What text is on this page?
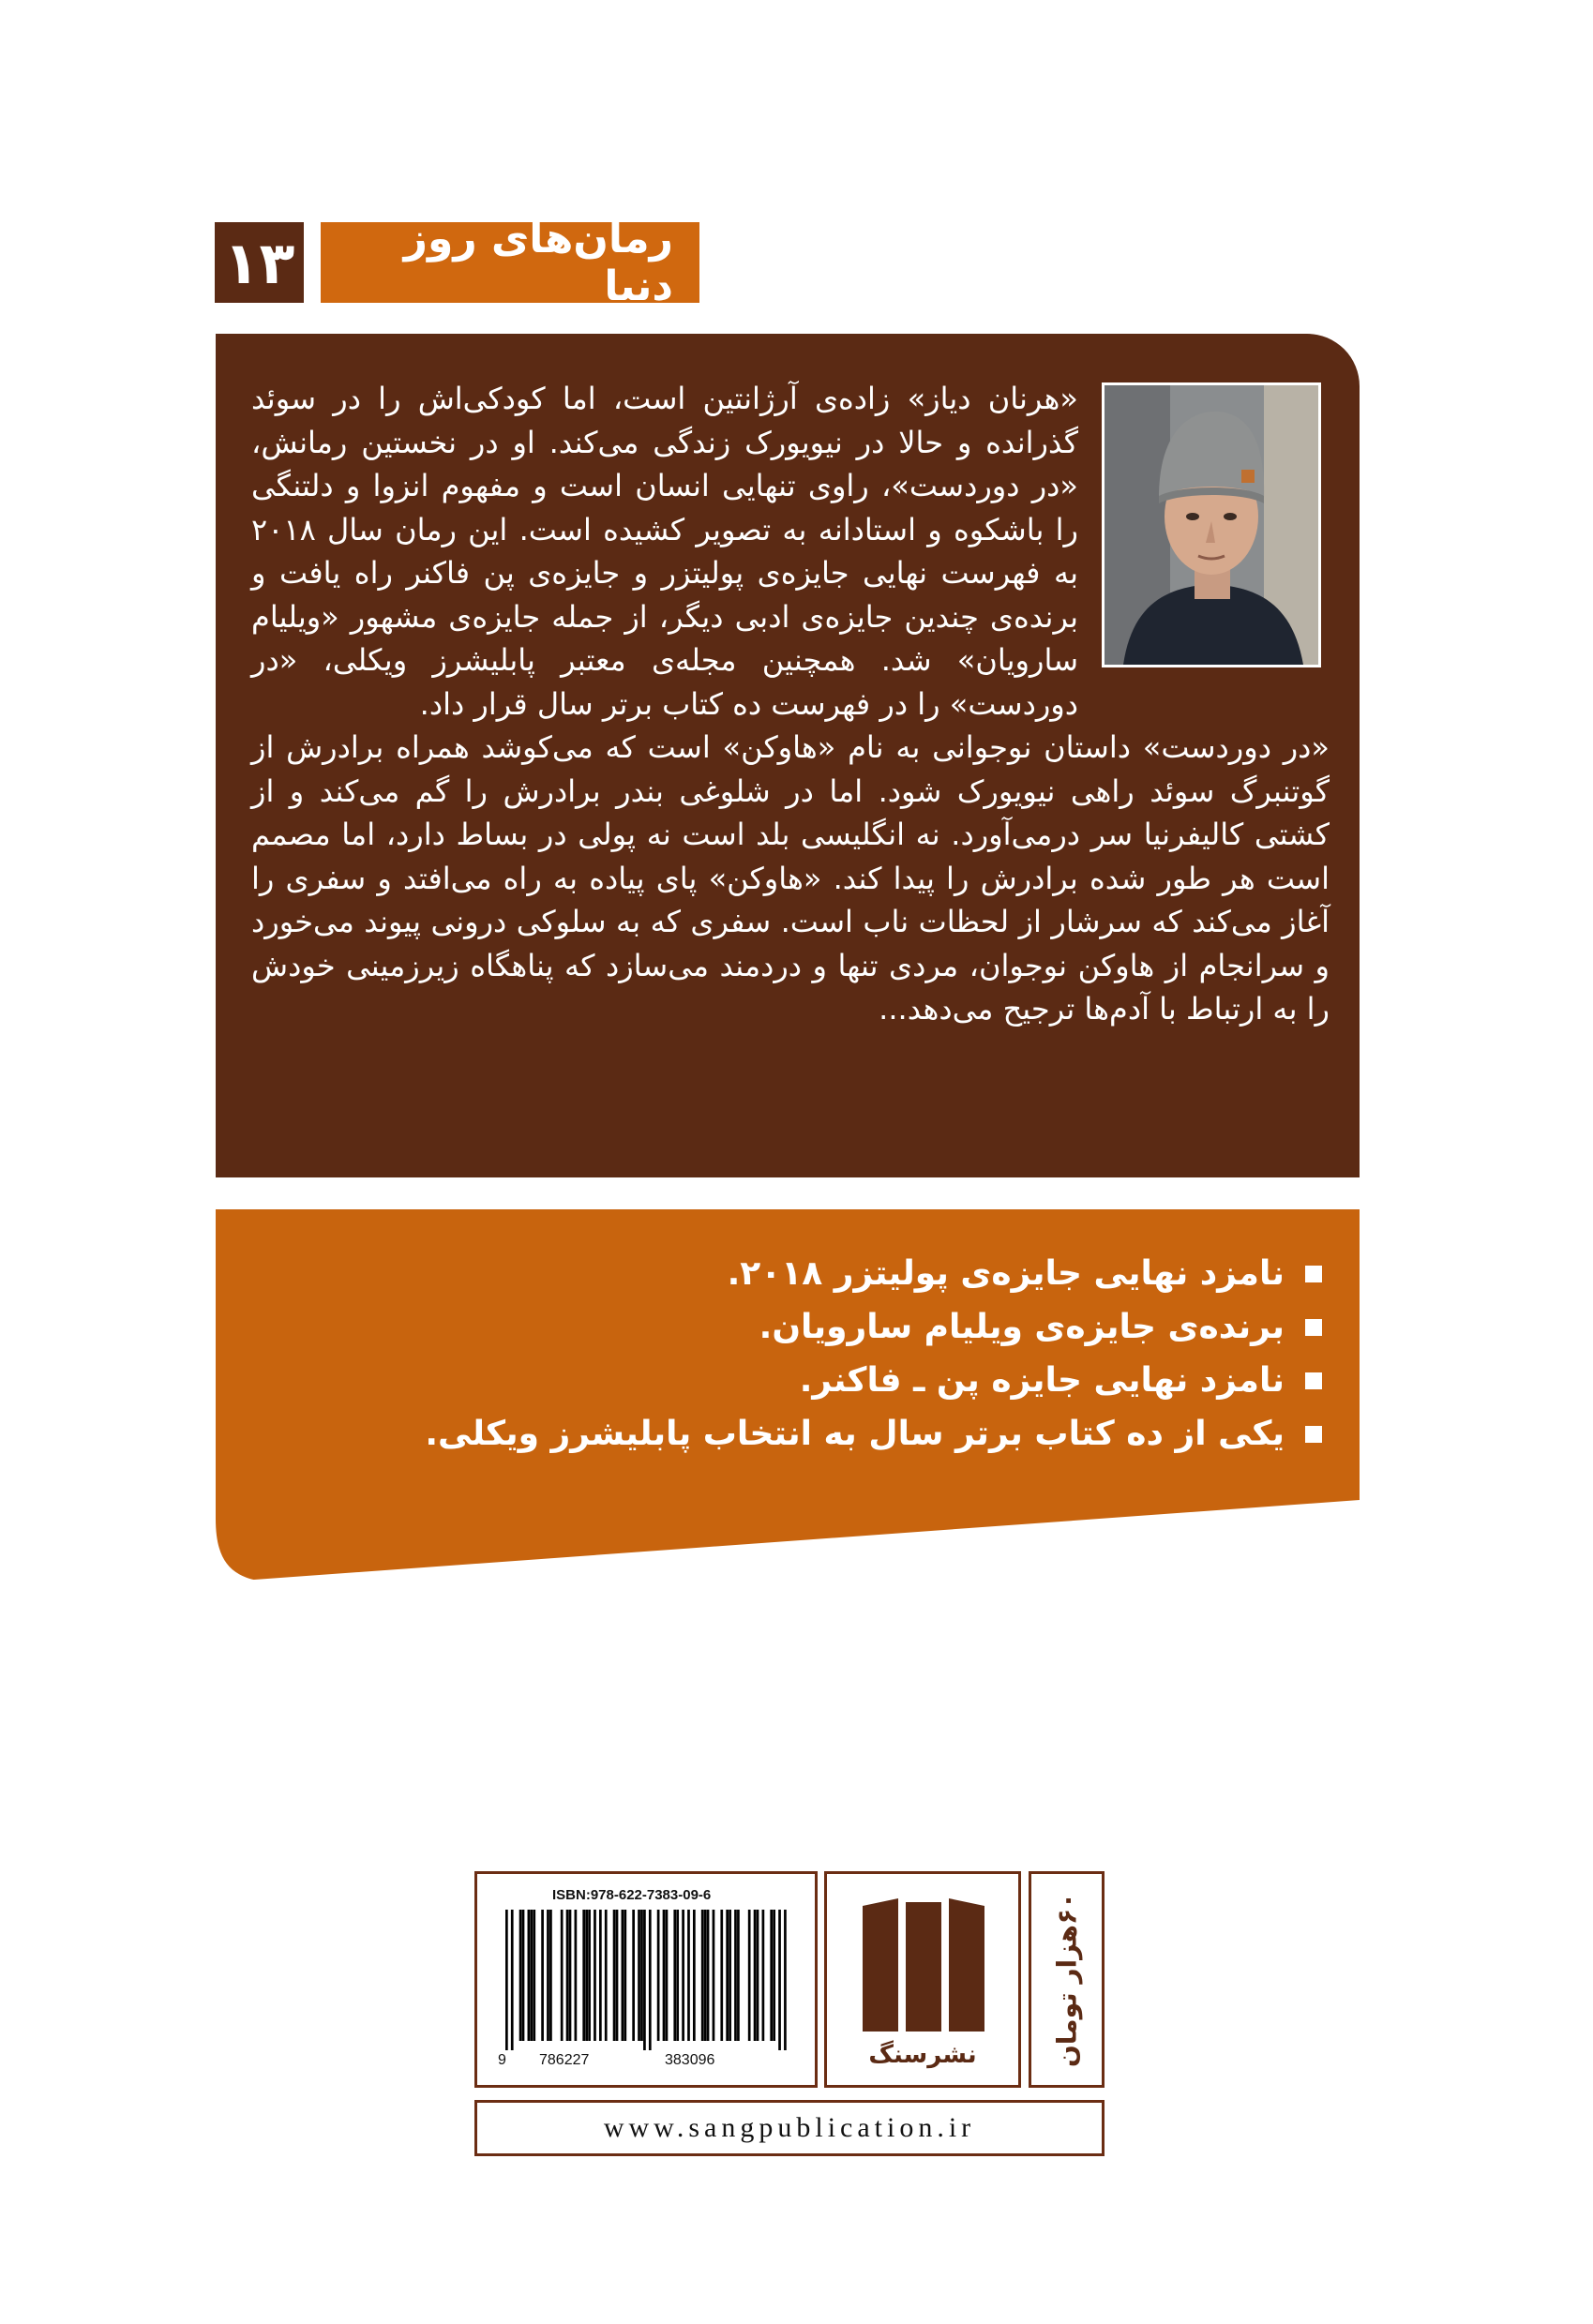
۱۳	رمان‌های روز دنیا

«هرنان دیاز» زاده‌ی آرژانتین است، اما کودکی‌اش را در سوئد گذرانده و حالا در نیویورک زندگی می‌کند. او در نخستین رمانش، «در دوردست»، راوی تنهایی انسان است و مفهوم انزوا و دلتنگی را باشکوه و استادانه به تصویر کشیده است. این رمان سال ۲۰۱۸ به فهرست نهایی جایزه‌ی پولیتزر و جایزه‌ی پن فاکنر راه یافت و برنده‌ی چندین جایزه‌ی ادبی دیگر، از جمله جایزه‌ی مشهور «ویلیام سارویان» شد. همچنین مجله‌ی معتبر پابلیشرز ویکلی، «در دوردست» را در فهرست ده کتاب برتر سال قرار داد.

«در دوردست» داستان نوجوانی به نام «هاوکن» است که می‌کوشد همراه برادرش از گوتنبرگ سوئد راهی نیویورک شود. اما در شلوغی بندر برادرش را گم می‌کند و از کشتی کالیفرنیا سر درمی‌آورد. نه انگلیسی بلد است نه پولی در بساط دارد، اما مصمم است هر طور شده برادرش را پیدا کند. «هاوکن» پای پیاده به راه می‌افتد و سفری را آغاز می‌کند که سرشار از لحظات ناب است. سفری که به سلوکی درونی پیوند می‌خورد و سرانجام از هاوکن نوجوان، مردی تنها و دردمند می‌سازد که پناهگاه زیرزمینی خودش را به ارتباط با آدم‌ها ترجیح می‌دهد...

نامزد نهایی جایزه‌ی پولیتزر ۲۰۱۸.
برنده‌ی جایزه‌ی ویلیام سارویان.
نامزد نهایی جایزه پن ـ فاکنر.
یکی از ده کتاب برتر سال به انتخاب پابلیشرز ویکلی.
ISBN:978-622-7383-09-6
9 786227	383096	نشرسنگ	۶۰هزار تومان
www.sangpublication.ir
